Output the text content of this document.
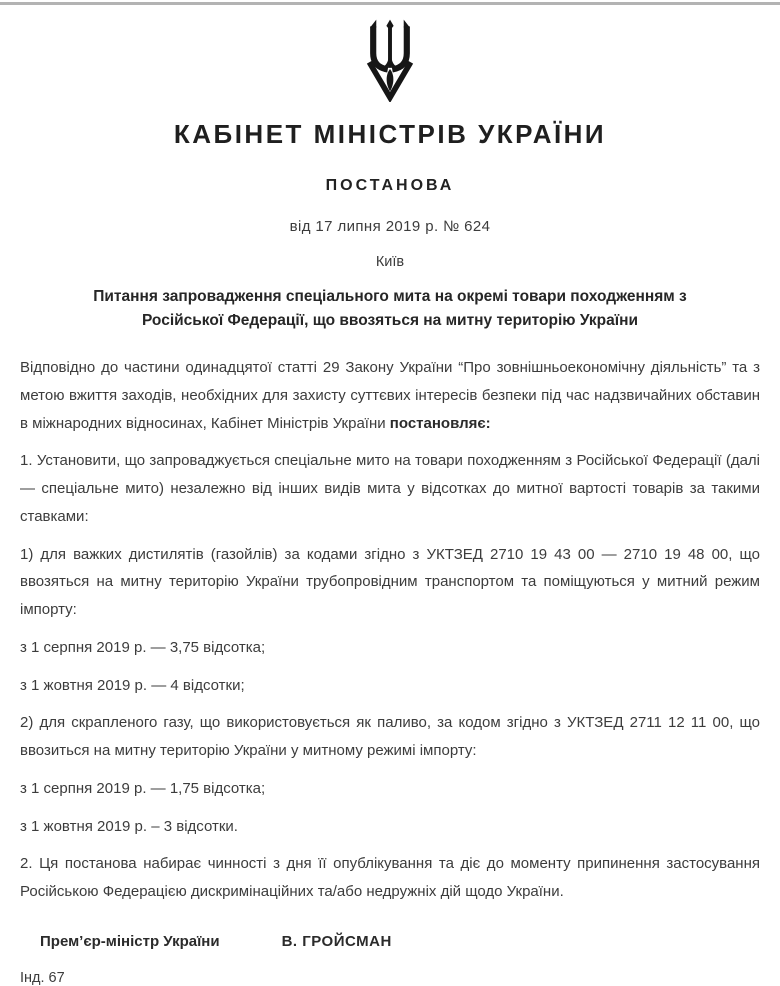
КАБІНЕТ МІНІСТРІВ УКРАЇНИ
ПОСТАНОВА
від 17 липня 2019 р. № 624
Київ
Питання запровадження спеціального мита на окремі товари походженням з Російської Федерації, що ввозяться на митну територію України

Відповідно до частини одинадцятої статті 29 Закону України “Про зовнішньоекономічну діяльність” та з метою вжиття заходів, необхідних для захисту суттєвих інтересів безпеки під час надзвичайних обставин в міжнародних відносинах, Кабінет Міністрів України постановляє:

1. Установити, що запроваджується спеціальне мито на товари походженням з Російської Федерації (далі — спеціальне мито) незалежно від інших видів мита у відсотках до митної вартості товарів за такими ставками:

1) для важких дистилятів (газойлів) за кодами згідно з УКТЗЕД 2710 19 43 00 — 2710 19 48 00, що ввозяться на митну територію України трубопровідним транспортом та поміщуються у митний режим імпорту:

з 1 серпня 2019 р. — 3,75 відсотка;

з 1 жовтня 2019 р. — 4 відсотки;

2) для скрапленого газу, що використовується як паливо, за кодом згідно з УКТЗЕД 2711 12 11 00, що ввозиться на митну територію України у митному режимі імпорту:

з 1 серпня 2019 р. — 1,75 відсотка;

з 1 жовтня 2019 р. – 3 відсотки.

2. Ця постанова набирає чинності з дня її опублікування та діє до моменту припинення застосування Російською Федерацією дискримінаційних та/або недружніх дій щодо України.

Прем’єр-міністр України	В. ГРОЙСМАН
Інд. 67
